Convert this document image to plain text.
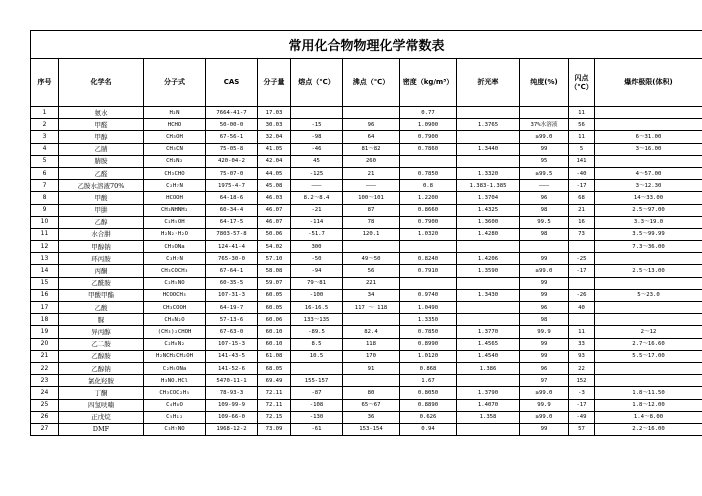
常用化合物物理化学常数表											
序号	化学名	分子式	CAS	分子量	熔点（℃）	沸点（℃）	密度（kg/m³）	折光率	纯度(%)	闪点（℃）	爆炸极限(体积)
1	氨水	H₂N	7664-41-7	17.03			0.77			11	
2	甲醛	HCHO	50-00-0	30.03	-15	96	1.0900	1.3765	37%水溶液	56	
3	甲醇	CH₃OH	67-56-1	32.04	-98	64	0.7900		≥99.0	11	6～31.00
4	乙腈	CH₃CN	75-05-8	41.05	-46	81～82	0.7860	1.3440	99	5	3～16.00
5	腈胺	CH₂N₂	420-04-2	42.04	45	260			95	141	
6	乙醛	CH₃CHO	75-07-0	44.05	-125	21	0.7850	1.3320	≥99.5	-40	4～57.00
7	乙胺水溶液70%	C₂H₇N	1975-4-7	45.08	———	———	0.8	1.383-1.385	———	-17	3～12.30
8	甲酸	HCOOH	64-18-6	46.03	8.2～8.4	100～101	1.2200	1.3704	96	68	14～33.00
9	甲肼	CH₃NHNH₂	60-34-4	46.07	-21	87	0.8660	1.4325	98	21	2.5～97.00
10	乙醇	C₂H₅OH	64-17-5	46.07	-114	78	0.7900	1.3600	99.5	16	3.3～19.0
11	水合肼	H₂N₂·H₂O	7803-57-8	50.06	-51.7	120.1	1.0320	1.4280	98	73	3.5～99.99
12	甲醇钠	CH₃ONa	124-41-4	54.02	300						7.3～36.00
13	环丙胺	C₃H₇N	765-30-0	57.10	-50	49～50	0.8240	1.4206	99	-25	
14	丙酮	CH₃COCH₃	67-64-1	58.08	-94	56	0.7910	1.3590	≥99.0	-17	2.5～13.00
15	乙酰胺	C₂H₅NO	60-35-5	59.07	79～81	221			99		
16	甲酸甲酯	HCOOCH₃	107-31-3	60.05	-100	34	0.9740	1.3430	99	-26	5～23.0
17	乙酸	CH₃COOH	64-19-7	60.05	16-16.5	117 ～ 118	1.0490		96	40	
18	脲	CH₄N₂O	57-13-6	60.06	133～135		1.3350		98		
19	异丙醇	(CH₃)₂CHOH	67-63-0	60.10	-89.5	82.4	0.7850	1.3770	99.9	11	2～12
20	乙二胺	C₂H₈N₂	107-15-3	60.10	8.5	118	0.8990	1.4565	99	33	2.7～16.60
21	乙醇胺	H₂NCH₂CH₂OH	141-43-5	61.08	10.5	170	1.0120	1.4540	99	93	5.5～17.00
22	乙醇钠	C₂H₅ONa	141-52-6	68.05		91	0.868	1.386	96	22	
23	氯化羟胺	H₃NO.HCl	5470-11-1	69.49	155-157		1.67		97	152	
24	丁酮	CH₃COC₂H₅	78-93-3	72.11	-87	80	0.8050	1.3790	≥99.0	-3	1.8～11.50
25	四氢呋喃	C₄H₈O	109-99-9	72.11	-108	65～67	0.8890	1.4070	99.9	-17	1.8～12.00
26	正戊烷	C₅H₁₂	109-66-0	72.15	-130	36	0.626	1.358	≥99.0	-49	1.4～8.00
27	DMF	C₃H₇NO	1968-12-2	73.09	-61	153-154	0.94		99	57	2.2～16.00
